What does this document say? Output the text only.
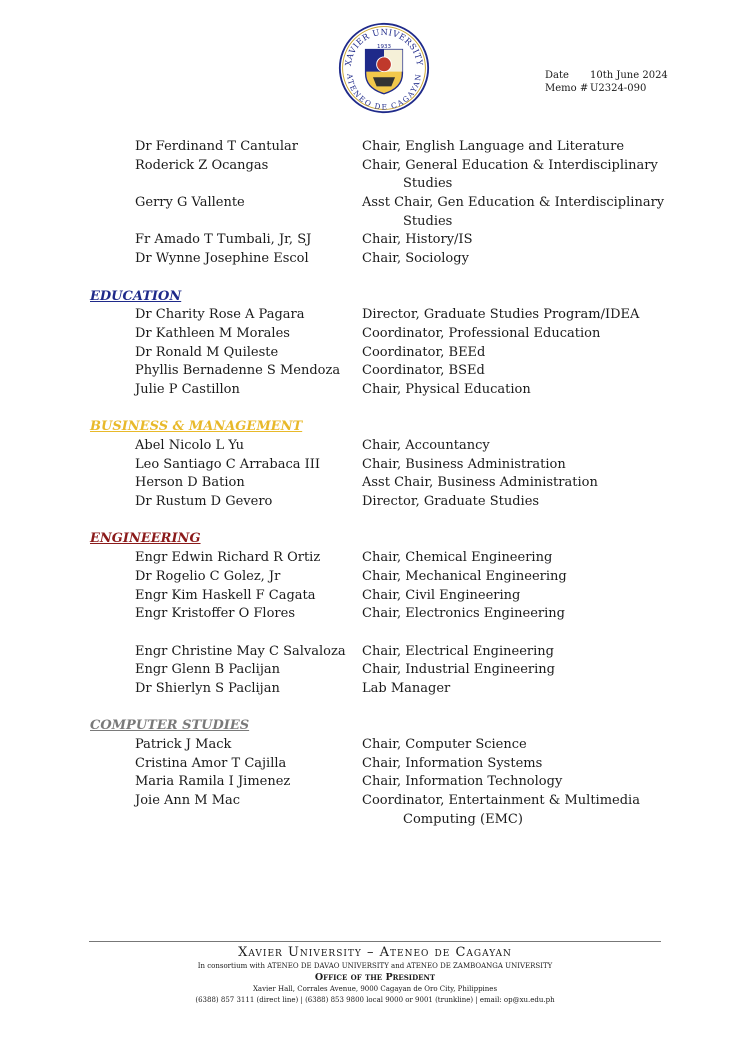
XAVIER UNIVERSITY
ATENEO DE CAGAYAN
1933
Date	10th June 2024
Memo # U2324-090
Dr Ferdinand T Cantular	Chair, English Language and Literature
Roderick Z Ocangas	Chair, General Education & Interdisciplinary
Studies
Gerry G Vallente	Asst Chair, Gen Education & Interdisciplinary
Studies
Fr Amado T Tumbali, Jr, SJ	Chair, History/IS
Dr Wynne Josephine Escol	Chair, Sociology
EDUCATION
Dr Charity Rose A Pagara	Director, Graduate Studies Program/IDEA
Dr Kathleen M Morales	Coordinator, Professional Education
Dr Ronald M Quileste	Coordinator, BEEd
Phyllis Bernadenne S Mendoza Coordinator, BSEd
Julie P Castillon	Chair, Physical Education
BUSINESS & MANAGEMENT
Abel Nicolo L Yu	Chair, Accountancy
Leo Santiago C Arrabaca III	Chair, Business Administration
Herson D Bation	Asst Chair, Business Administration
Dr Rustum D Gevero	Director, Graduate Studies
ENGINEERING
Engr Edwin Richard R Ortiz	Chair, Chemical Engineering
Dr Rogelio C Golez, Jr	Chair, Mechanical Engineering
Engr Kim Haskell F Cagata	Chair, Civil Engineering
Engr Kristoffer O Flores	Chair, Electronics Engineering
Engr Christine May C Salvaloza Chair, Electrical Engineering
Engr Glenn B Paclijan	Chair, Industrial Engineering
Dr Shierlyn S Paclijan	Lab Manager
COMPUTER STUDIES
Patrick J Mack	Chair, Computer Science
Cristina Amor T Cajilla	Chair, Information Systems
Maria Ramila I Jimenez	Chair, Information Technology
Joie Ann M Mac	Coordinator, Entertainment & Multimedia
Computing (EMC)
Xavier University – Ateneo de Cagayan
In consortium with ATENEO DE DAVAO UNIVERSITY and ATENEO DE ZAMBOANGA UNIVERSITY
Office of the President
Xavier Hall, Corrales Avenue, 9000 Cagayan de Oro City, Philippines
(6388) 857 3111 (direct line) | (6388) 853 9800 local 9000 or 9001 (trunkline) | email: op@xu.edu.ph
